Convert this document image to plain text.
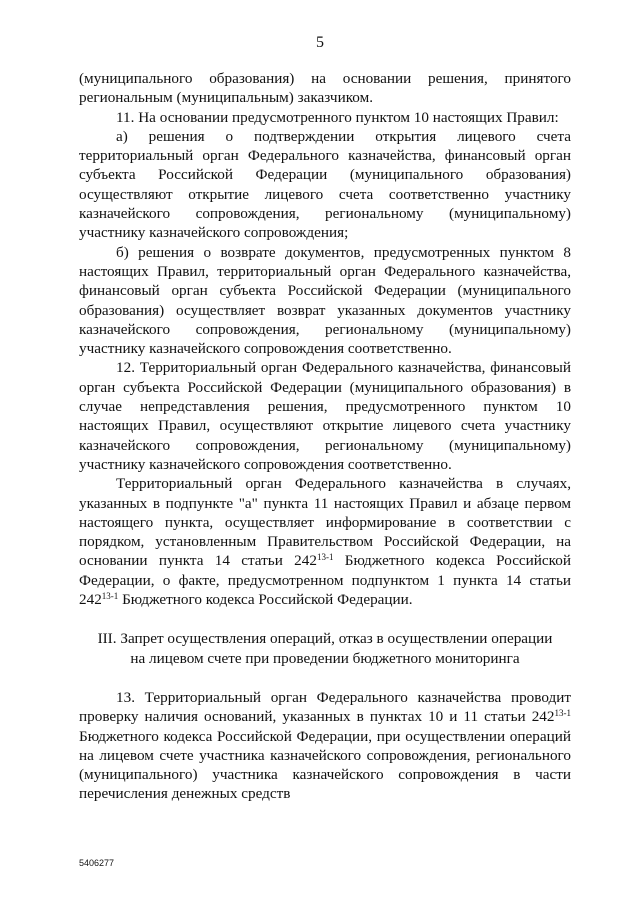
5

(муниципального образования) на основании решения, принятого региональным (муниципальным) заказчиком.

11. На основании предусмотренного пунктом 10 настоящих Правил:

а) решения о подтверждении открытия лицевого счета территориальный орган Федерального казначейства, финансовый орган субъекта Российской Федерации (муниципального образования) осуществляют открытие лицевого счета соответственно участнику казначейского сопровождения, региональному (муниципальному) участнику казначейского сопровождения;

б) решения о возврате документов, предусмотренных пунктом 8 настоящих Правил, территориальный орган Федерального казначейства, финансовый орган субъекта Российской Федерации (муниципального образования) осуществляет возврат указанных документов участнику казначейского сопровождения, региональному (муниципальному) участнику казначейского сопровождения соответственно.

12. Территориальный орган Федерального казначейства, финансовый орган субъекта Российской Федерации (муниципального образования) в случае непредставления решения, предусмотренного пунктом 10 настоящих Правил, осуществляют открытие лицевого счета участнику казначейского сопровождения, региональному (муниципальному) участнику казначейского сопровождения соответственно.

Территориальный орган Федерального казначейства в случаях, указанных в подпункте "а" пункта 11 настоящих Правил и абзаце первом настоящего пункта, осуществляет информирование в соответствии с порядком, установленным Правительством Российской Федерации, на основании пункта 14 статьи 242$^{13-1}$ Бюджетного кодекса Российской Федерации, о факте, предусмотренном подпунктом 1 пункта 14 статьи 242$^{13-1}$ Бюджетного кодекса Российской Федерации.

III. Запрет осуществления операций, отказ в осуществлении операции
на лицевом счете при проведении бюджетного мониторинга

13. Территориальный орган Федерального казначейства проводит проверку наличия оснований, указанных в пунктах 10 и 11 статьи 242$^{13-1}$ Бюджетного кодекса Российской Федерации, при осуществлении операций на лицевом счете участника казначейского сопровождения, регионального (муниципального) участника казначейского сопровождения в части перечисления денежных средств

5406277
